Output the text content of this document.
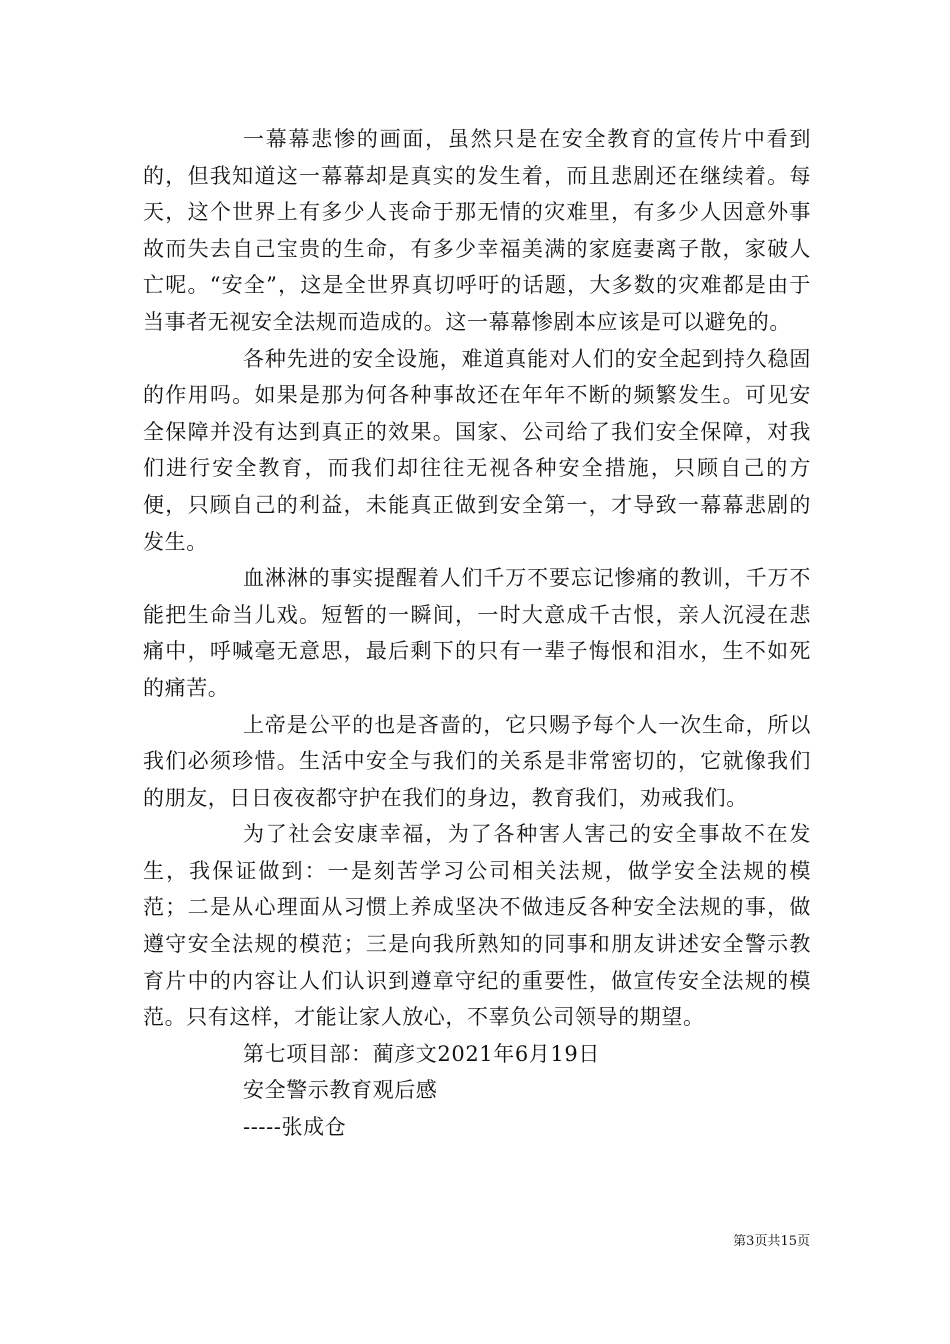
一幕幕悲惨的画面，虽然只是在安全教育的宣传片中看到的，但我知道这一幕幕却是真实的发生着，而且悲剧还在继续着。每天，这个世界上有多少人丧命于那无情的灾难里，有多少人因意外事故而失去自己宝贵的生命，有多少幸福美满的家庭妻离子散，家破人亡呢。“安全”，这是全世界真切呼吁的话题，大多数的灾难都是由于当事者无视安全法规而造成的。这一幕幕惨剧本应该是可以避免的。

各种先进的安全设施，难道真能对人们的安全起到持久稳固的作用吗。如果是那为何各种事故还在年年不断的频繁发生。可见安全保障并没有达到真正的效果。国家、公司给了我们安全保障，对我们进行安全教育，而我们却往往无视各种安全措施，只顾自己的方便，只顾自己的利益，未能真正做到安全第一，才导致一幕幕悲剧的发生。

血淋淋的事实提醒着人们千万不要忘记惨痛的教训，千万不能把生命当儿戏。短暂的一瞬间，一时大意成千古恨，亲人沉浸在悲痛中，呼喊毫无意思，最后剩下的只有一辈子悔恨和泪水，生不如死的痛苦。

上帝是公平的也是吝啬的，它只赐予每个人一次生命，所以我们必须珍惜。生活中安全与我们的关系是非常密切的，它就像我们的朋友，日日夜夜都守护在我们的身边，教育我们，劝戒我们。

为了社会安康幸福，为了各种害人害己的安全事故不在发生，我保证做到：一是刻苦学习公司相关法规，做学安全法规的模范；二是从心理面从习惯上养成坚决不做违反各种安全法规的事，做遵守安全法规的模范；三是向我所熟知的同事和朋友讲述安全警示教育片中的内容让人们认识到遵章守纪的重要性，做宣传安全法规的模范。只有这样，才能让家人放心，不辜负公司领导的期望。

第七项目部：蔺彦文2021年6月19日

安全警示教育观后感

-----张成仓

第3页共15页
